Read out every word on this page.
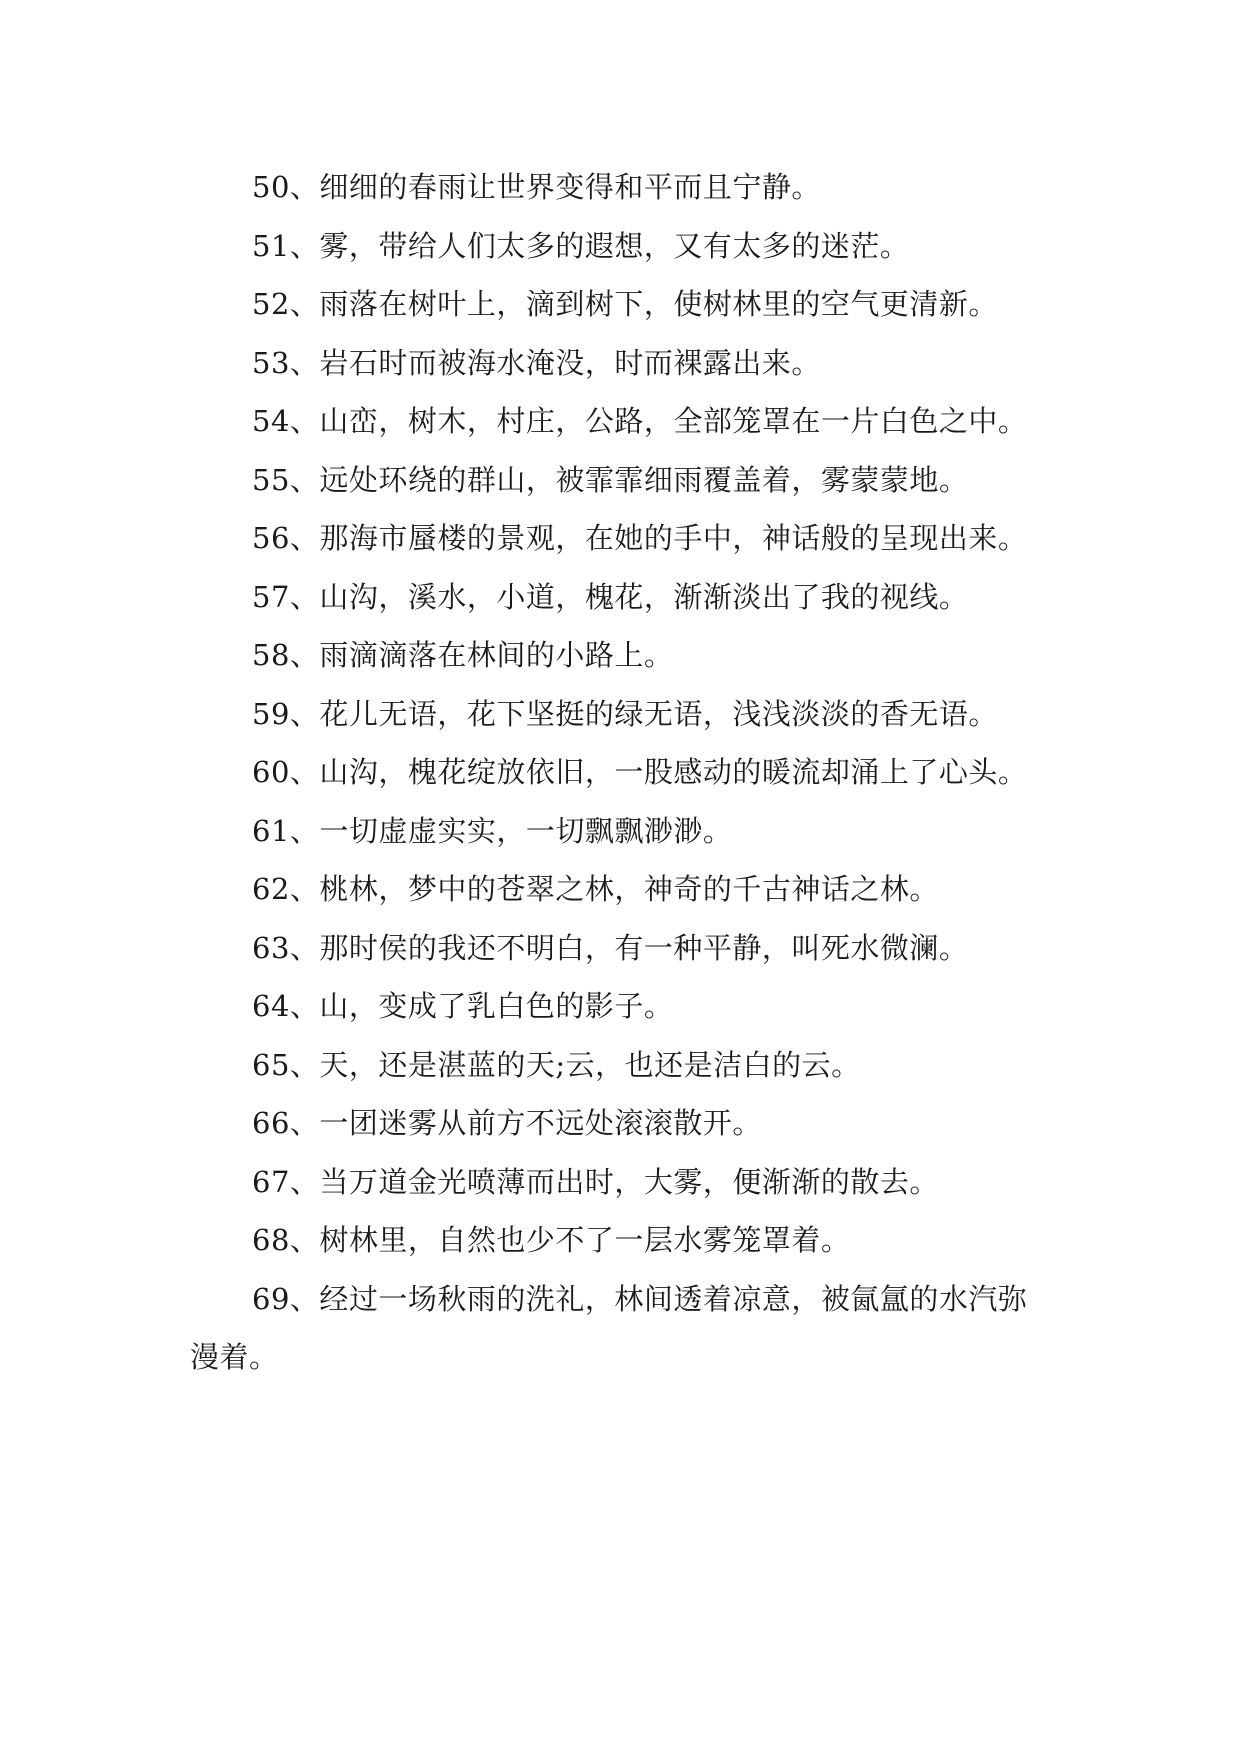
50、细细的春雨让世界变得和平而且宁静。

51、雾，带给人们太多的遐想，又有太多的迷茫。

52、雨落在树叶上，滴到树下，使树林里的空气更清新。

53、岩石时而被海水淹没，时而裸露出来。

54、山峦，树木，村庄，公路，全部笼罩在一片白色之中。

55、远处环绕的群山，被霏霏细雨覆盖着，雾蒙蒙地。

56、那海市蜃楼的景观，在她的手中，神话般的呈现出来。

57、山沟，溪水，小道，槐花，渐渐淡出了我的视线。

58、雨滴滴落在林间的小路上。

59、花儿无语，花下坚挺的绿无语，浅浅淡淡的香无语。

60、山沟，槐花绽放依旧，一股感动的暖流却涌上了心头。

61、一切虚虚实实，一切飘飘渺渺。

62、桃林，梦中的苍翠之林，神奇的千古神话之林。

63、那时侯的我还不明白，有一种平静，叫死水微澜。

64、山，变成了乳白色的影子。

65、天，还是湛蓝的天;云，也还是洁白的云。

66、一团迷雾从前方不远处滚滚散开。

67、当万道金光喷薄而出时，大雾，便渐渐的散去。

68、树林里，自然也少不了一层水雾笼罩着。

69、经过一场秋雨的洗礼，林间透着凉意，被氤氲的水汽弥漫着。
